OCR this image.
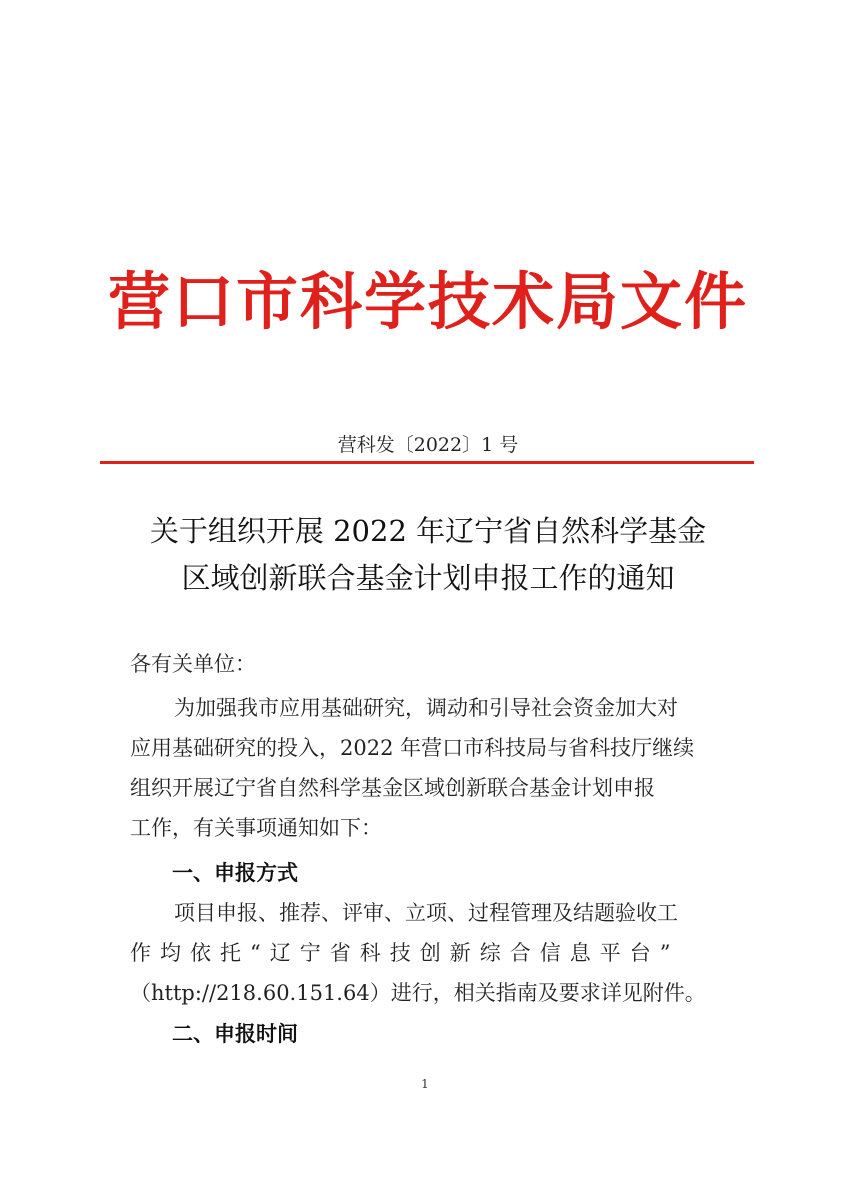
营口市科学技术局文件
营科发〔2022〕1 号
关于组织开展 2022 年辽宁省自然科学基金
区域创新联合基金计划申报工作的通知
各有关单位：
为加强我市应用基础研究，调动和引导社会资金加大对
应用基础研究的投入，2022 年营口市科技局与省科技厅继续
组织开展辽宁省自然科学基金区域创新联合基金计划申报
工作，有关事项通知如下：
一、申报方式
项目申报、推荐、评审、立项、过程管理及结题验收工
作均依托“辽宁省科技创新综合信息平台”
（http://218.60.151.64）进行，相关指南及要求详见附件。
二、申报时间
1
